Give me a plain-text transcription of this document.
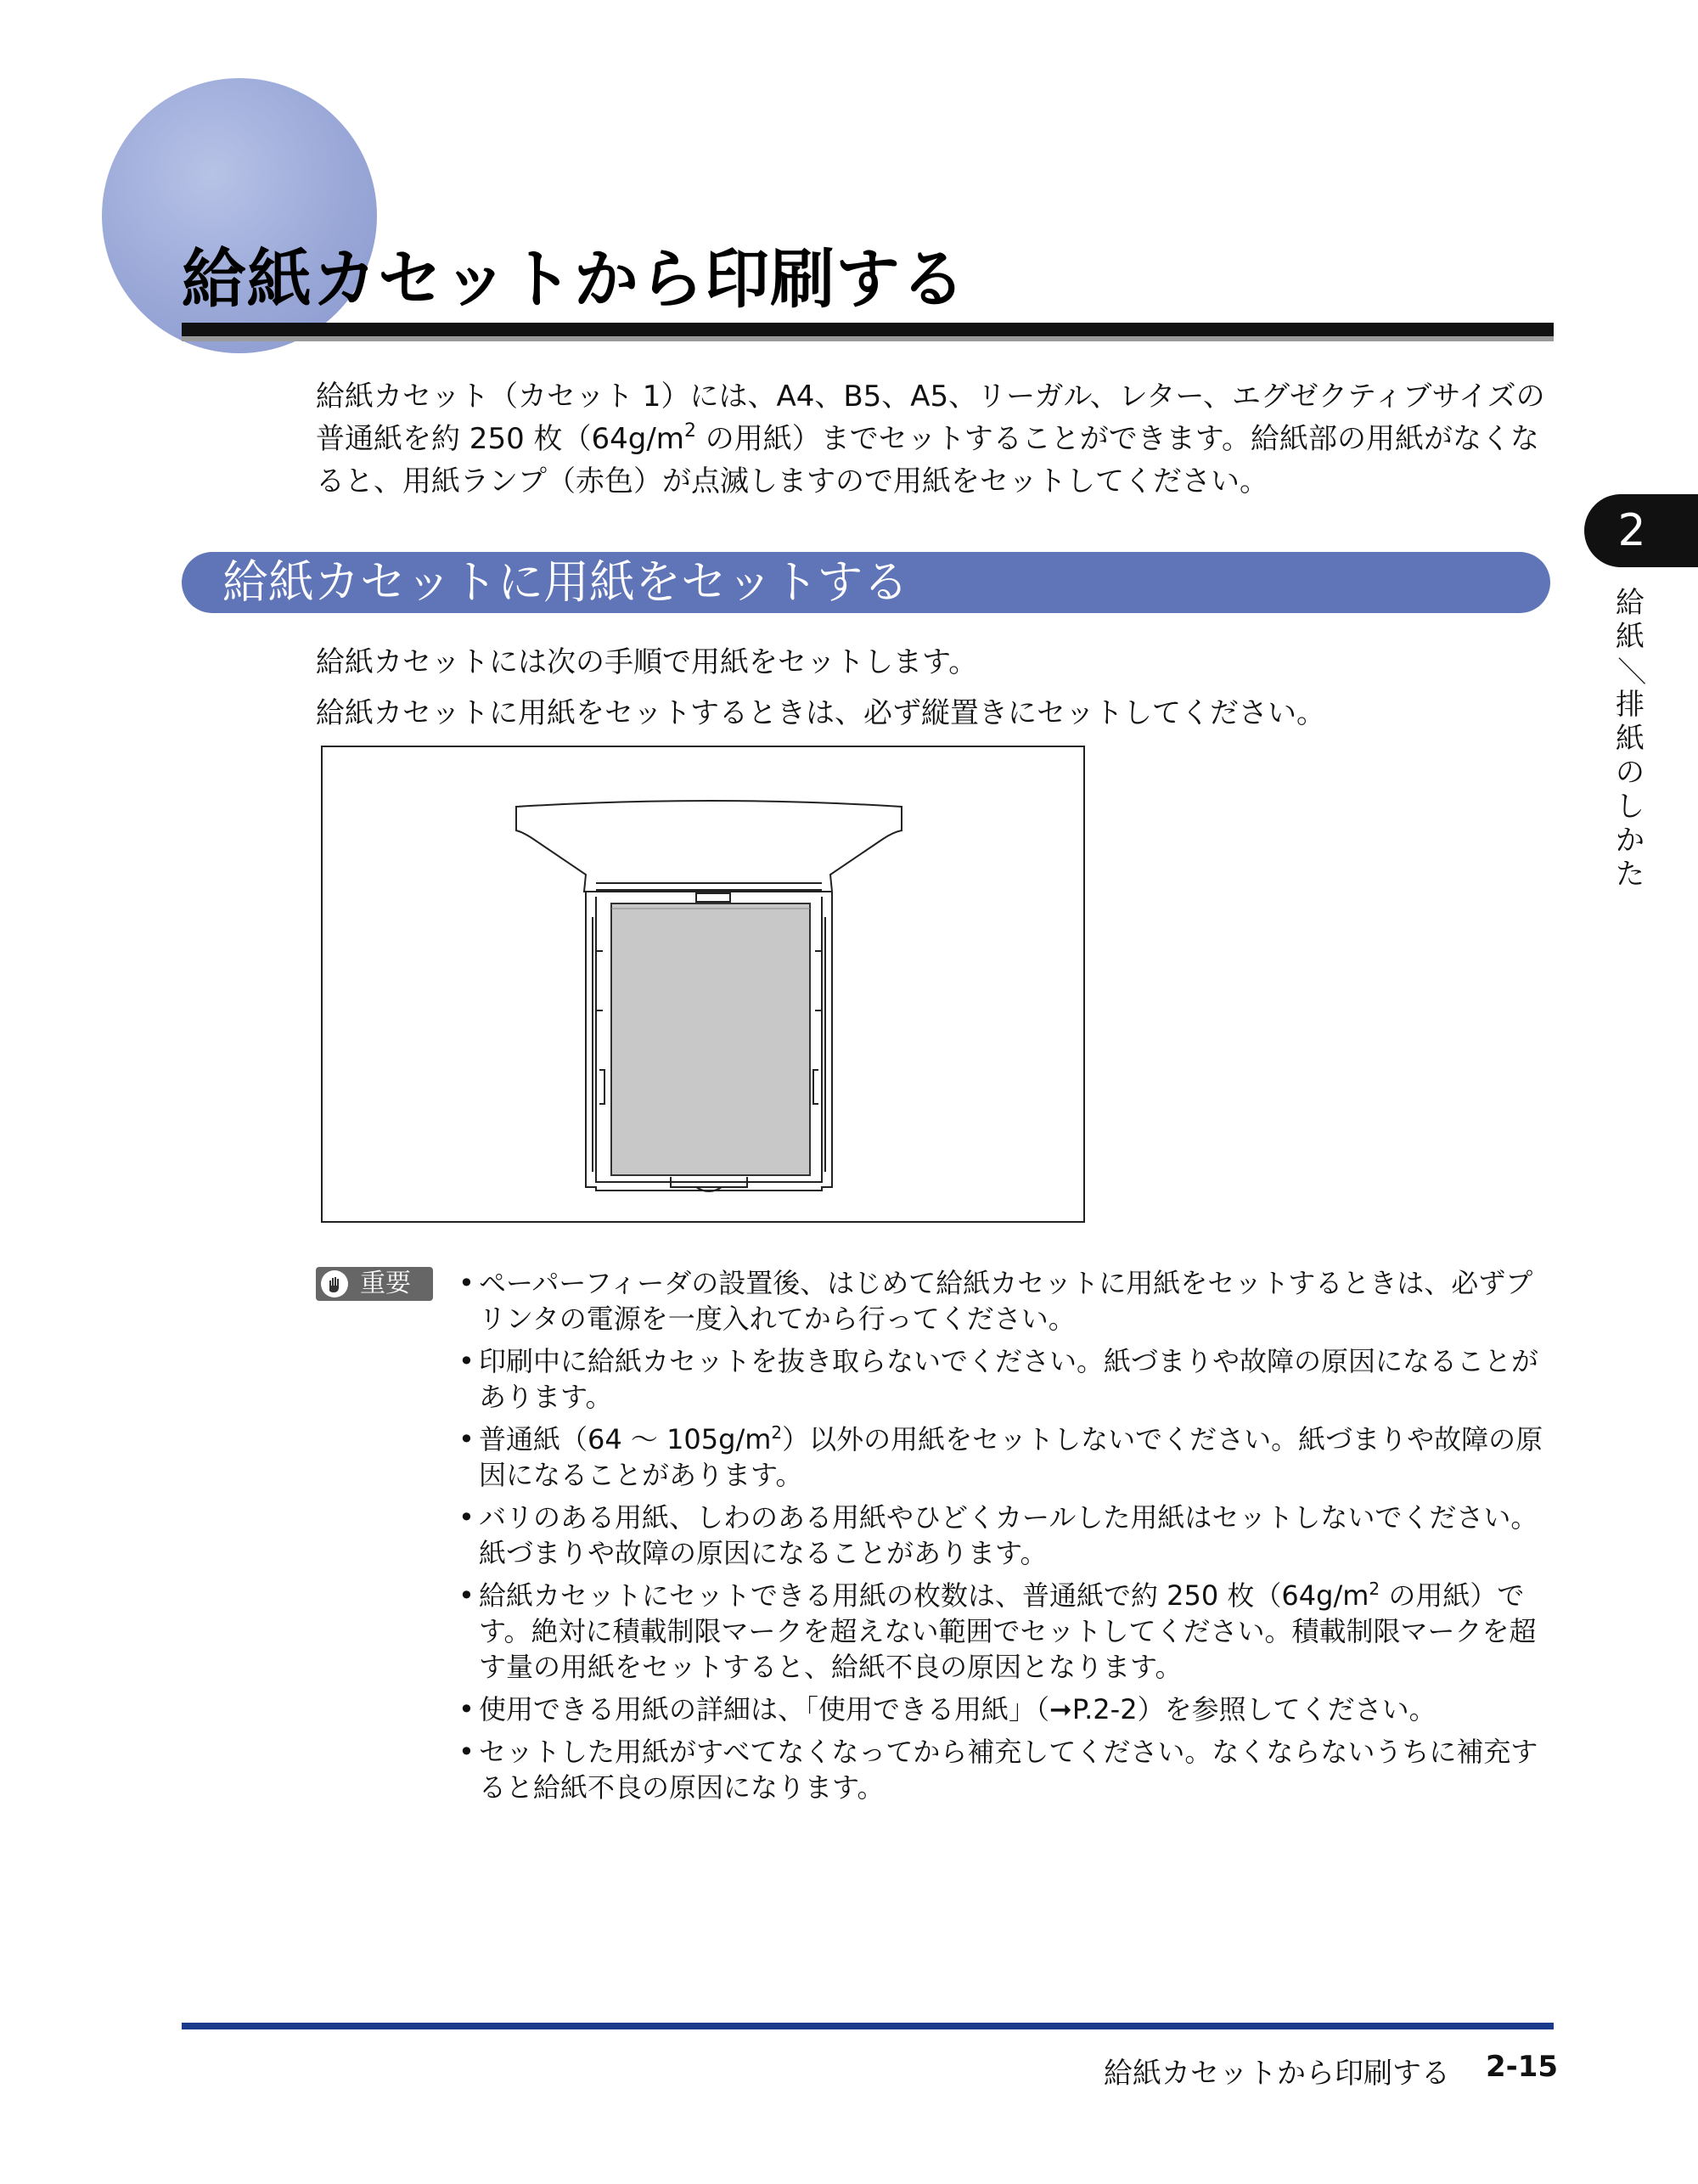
給紙カセットから印刷する

給紙カセット（カセット 1）には、A4、B5、A5、リーガル、レター、エグゼクティブサイズの普通紙を約 250 枚（$64g/m^2$ の用紙）までセットすることができます。給紙部の用紙がなくなると、用紙ランプ（赤色）が点滅しますので用紙をセットしてください。

給紙カセットに用紙をセットする

給紙カセットには次の手順で用紙をセットします。

給紙カセットに用紙をセットするときは、必ず縦置きにセットしてください。

2
給
紙
／
排
紙
の
し
か
た
重要
•	ペーパーフィーダの設置後、はじめて給紙カセットに用紙をセットするときは、必ずプリンタの電源を一度入れてから行ってください。
• 印刷中に給紙カセットを抜き取らないでください。紙づまりや故障の原因になることがあります。
• 普通紙（64 〜 $105g/m^2$）以外の用紙をセットしないでください。紙づまりや故障の原因になることがあります。
• バリのある用紙、しわのある用紙やひどくカールした用紙はセットしないでください。紙づまりや故障の原因になることがあります。
• 給紙カセットにセットできる用紙の枚数は、普通紙で約 250 枚（$64g/m^2$ の用紙）です。絶対に積載制限マークを超えない範囲でセットしてください。積載制限マークを超す量の用紙をセットすると、給紙不良の原因となります。
• 使用できる用紙の詳細は、「使用できる用紙」（➞P.2-2）を参照してください。
• セットした用紙がすべてなくなってから補充してください。なくならないうちに補充すると給紙不良の原因になります。
給紙カセットから印刷する 2-15
